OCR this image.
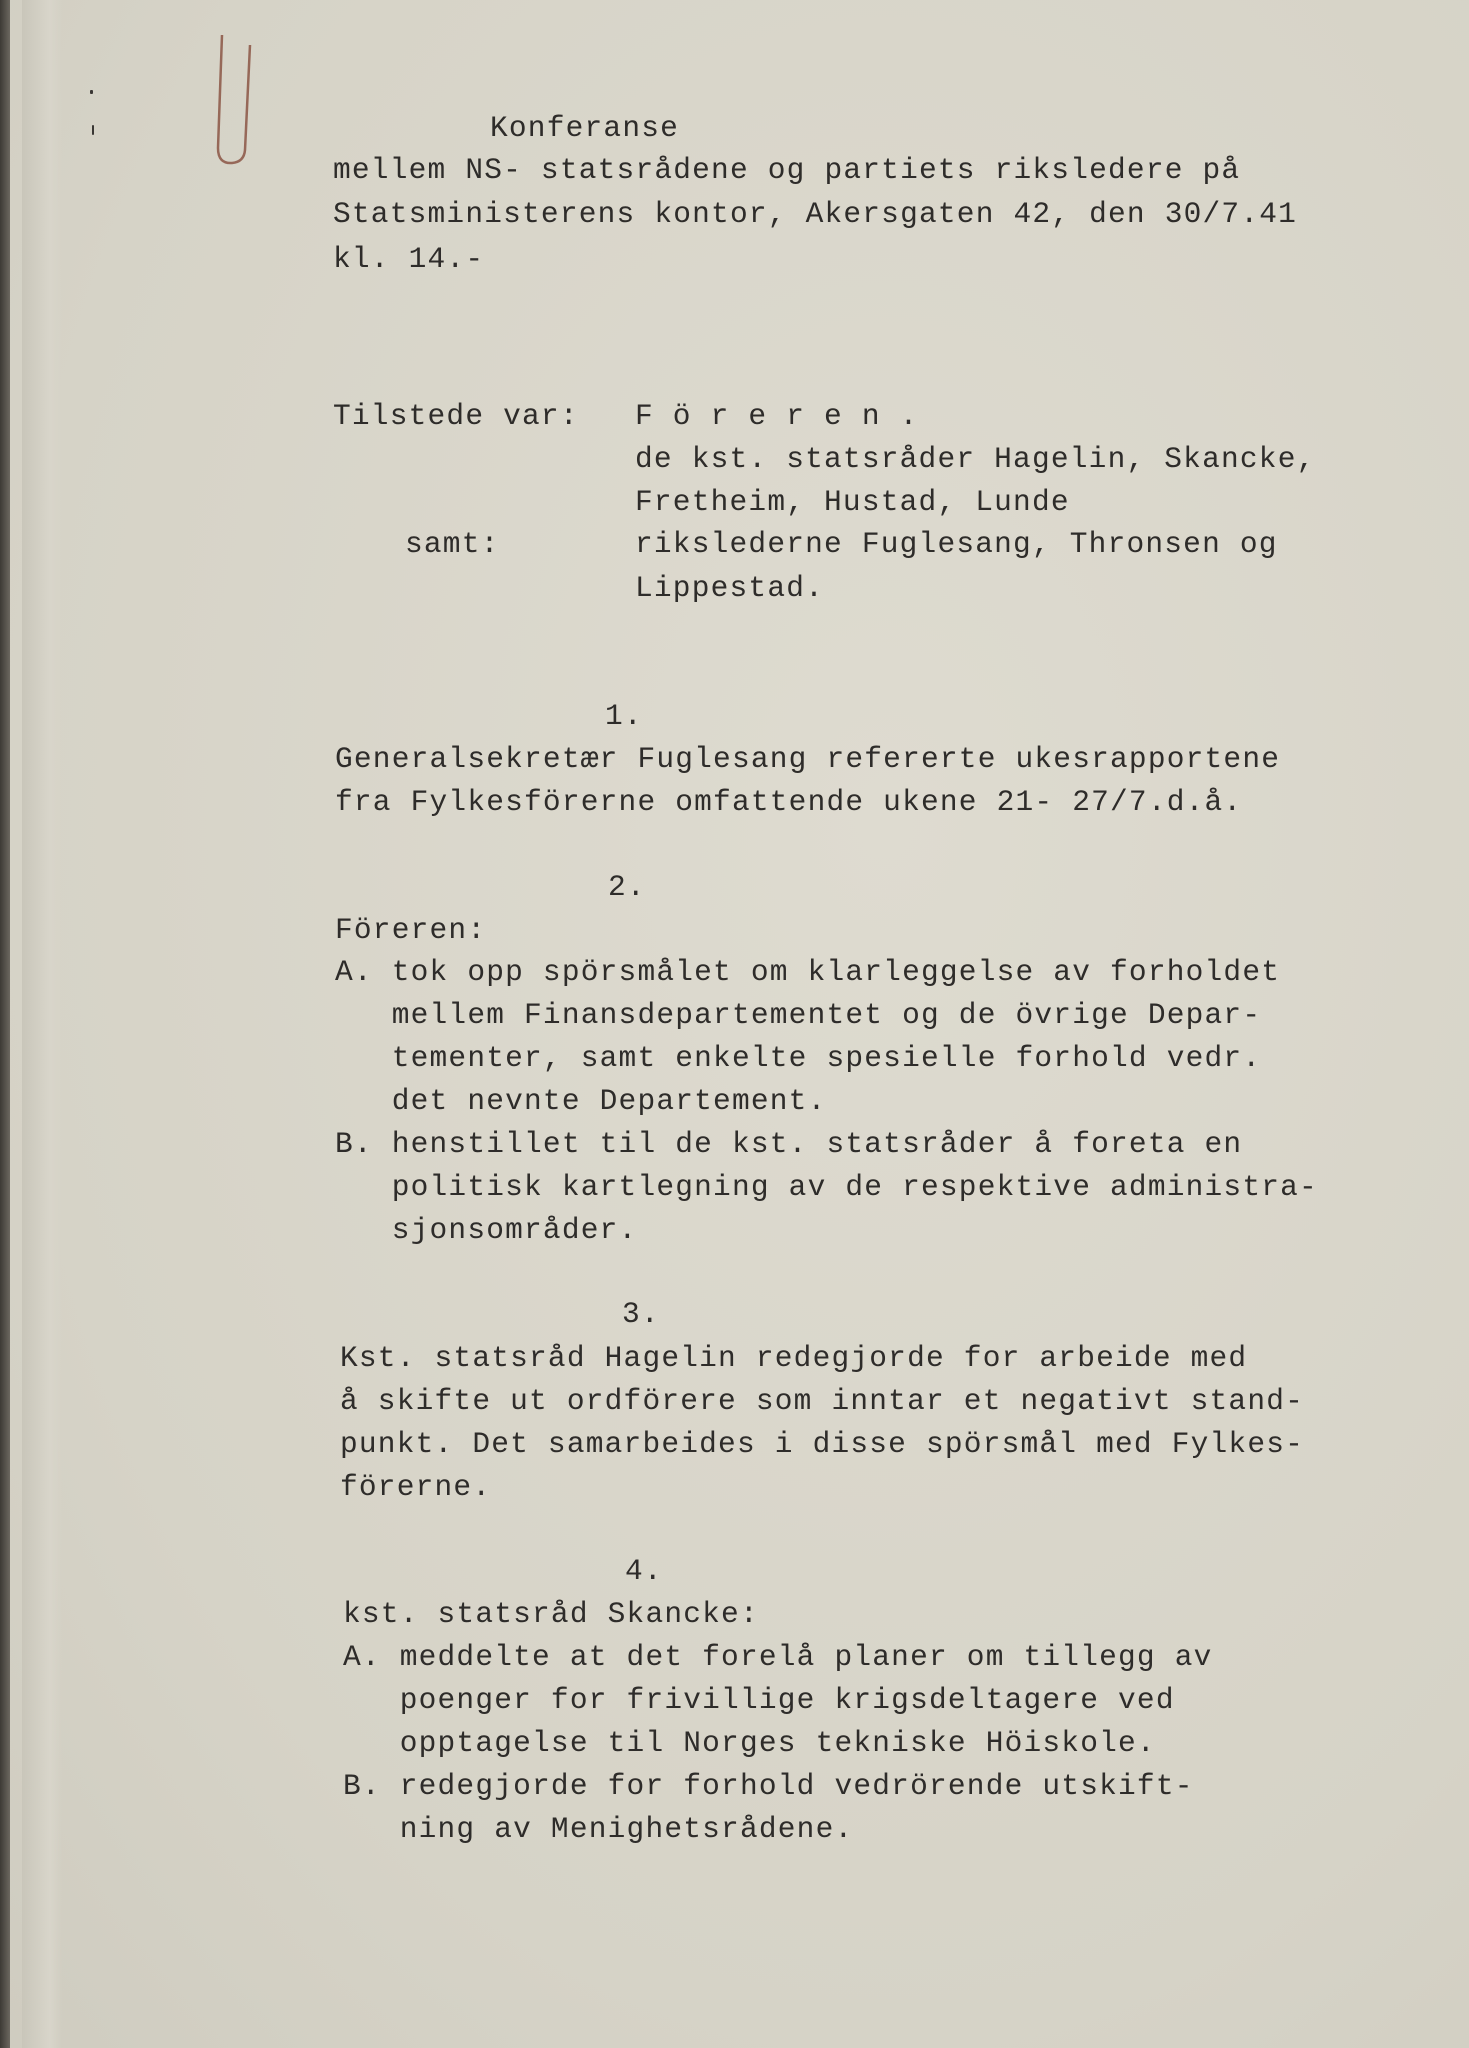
Konferanse
mellem NS- statsrådene og partiets riksledere på
Statsministerens kontor, Akersgaten 42, den 30/7.41
kl. 14.-
Tilstede var: F ö r e r e n .
de kst. statsråder Hagelin, Skancke,
Fretheim, Hustad, Lunde
samt:	rikslederne Fuglesang, Thronsen og
Lippestad.
1.
Generalsekretær Fuglesang refererte ukesrapportene
fra Fylkesförerne omfattende ukene 21- 27/7.d.å.
2.
Föreren:
A. tok opp spörsmålet om klarleggelse av forholdet
mellem Finansdepartementet og de övrige Depar-
tementer, samt enkelte spesielle forhold vedr.
det nevnte Departement.
B. henstillet til de kst. statsråder å foreta en
politisk kartlegning av de respektive administra-
sjonsområder.
3.
Kst. statsråd Hagelin redegjorde for arbeide med
å skifte ut ordförere som inntar et negativt stand-
punkt. Det samarbeides i disse spörsmål med Fylkes-
förerne.
4.
kst. statsråd Skancke:
A. meddelte at det forelå planer om tillegg av
poenger for frivillige krigsdeltagere ved
opptagelse til Norges tekniske Höiskole.
B. redegjorde for forhold vedrörende utskift-
ning av Menighetsrådene.
